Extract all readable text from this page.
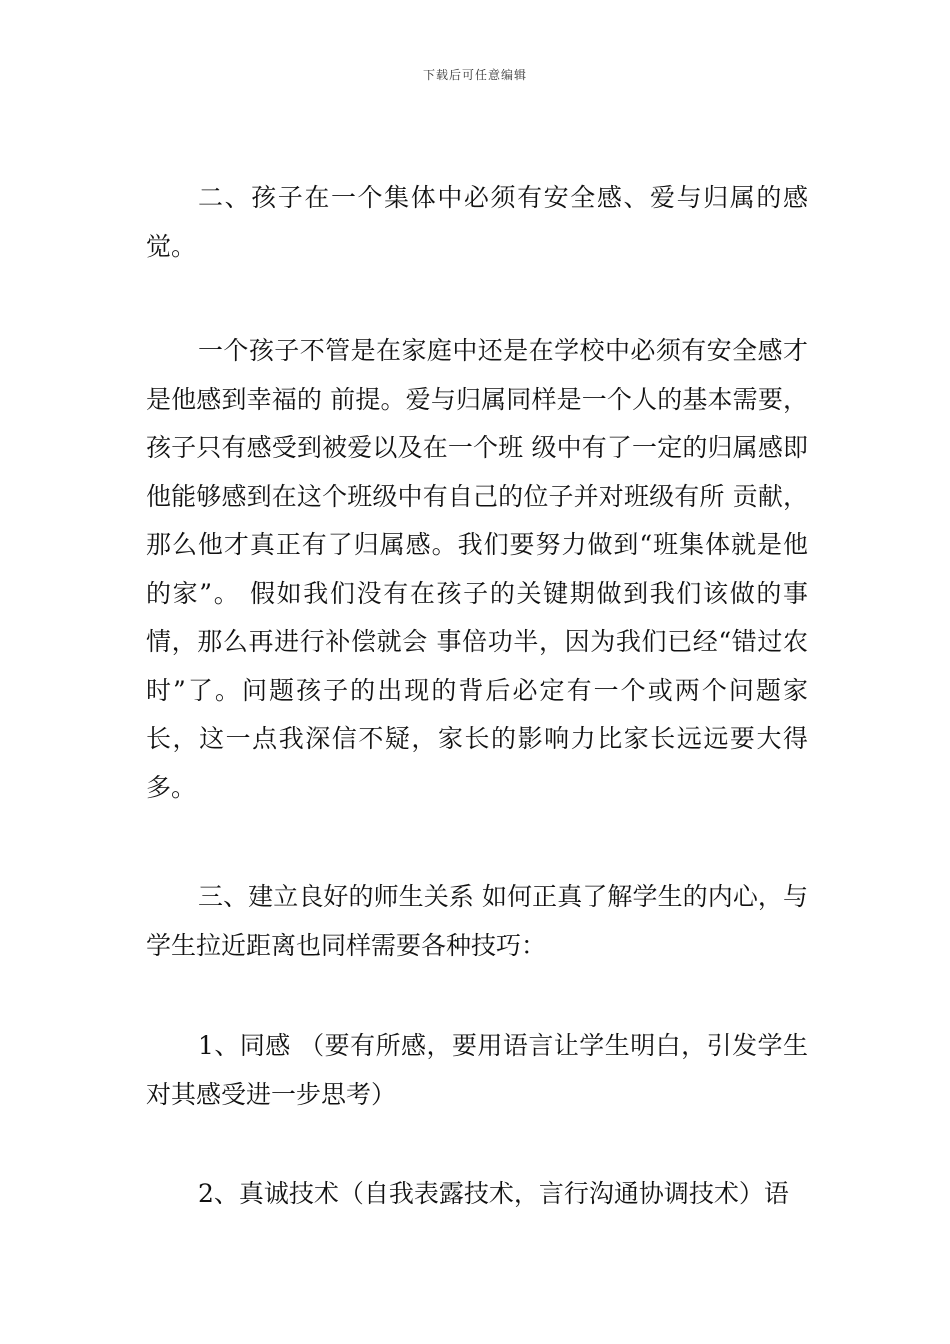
下载后可任意编辑

二、孩子在一个集体中必须有安全感、爱与归属的感觉。

一个孩子不管是在家庭中还是在学校中必须有安全感才是他感到幸福的 前提。爱与归属同样是一个人的基本需要，孩子只有感受到被爱以及在一个班 级中有了一定的归属感即他能够感到在这个班级中有自己的位子并对班级有所 贡献，那么他才真正有了归属感。我们要努力做到“班集体就是他的家”。 假如我们没有在孩子的关键期做到我们该做的事情，那么再进行补偿就会 事倍功半，因为我们已经“错过农时”了。问题孩子的出现的背后必定有一个或两个问题家长，这一点我深信不疑，家长的影响力比家长远远要大得多。

三、建立良好的师生关系 如何正真了解学生的内心，与学生拉近距离也同样需要各种技巧：

1、同感 （要有所感，要用语言让学生明白，引发学生对其感受进一步思考）

2、真诚技术（自我表露技术，言行沟通协调技术）语
